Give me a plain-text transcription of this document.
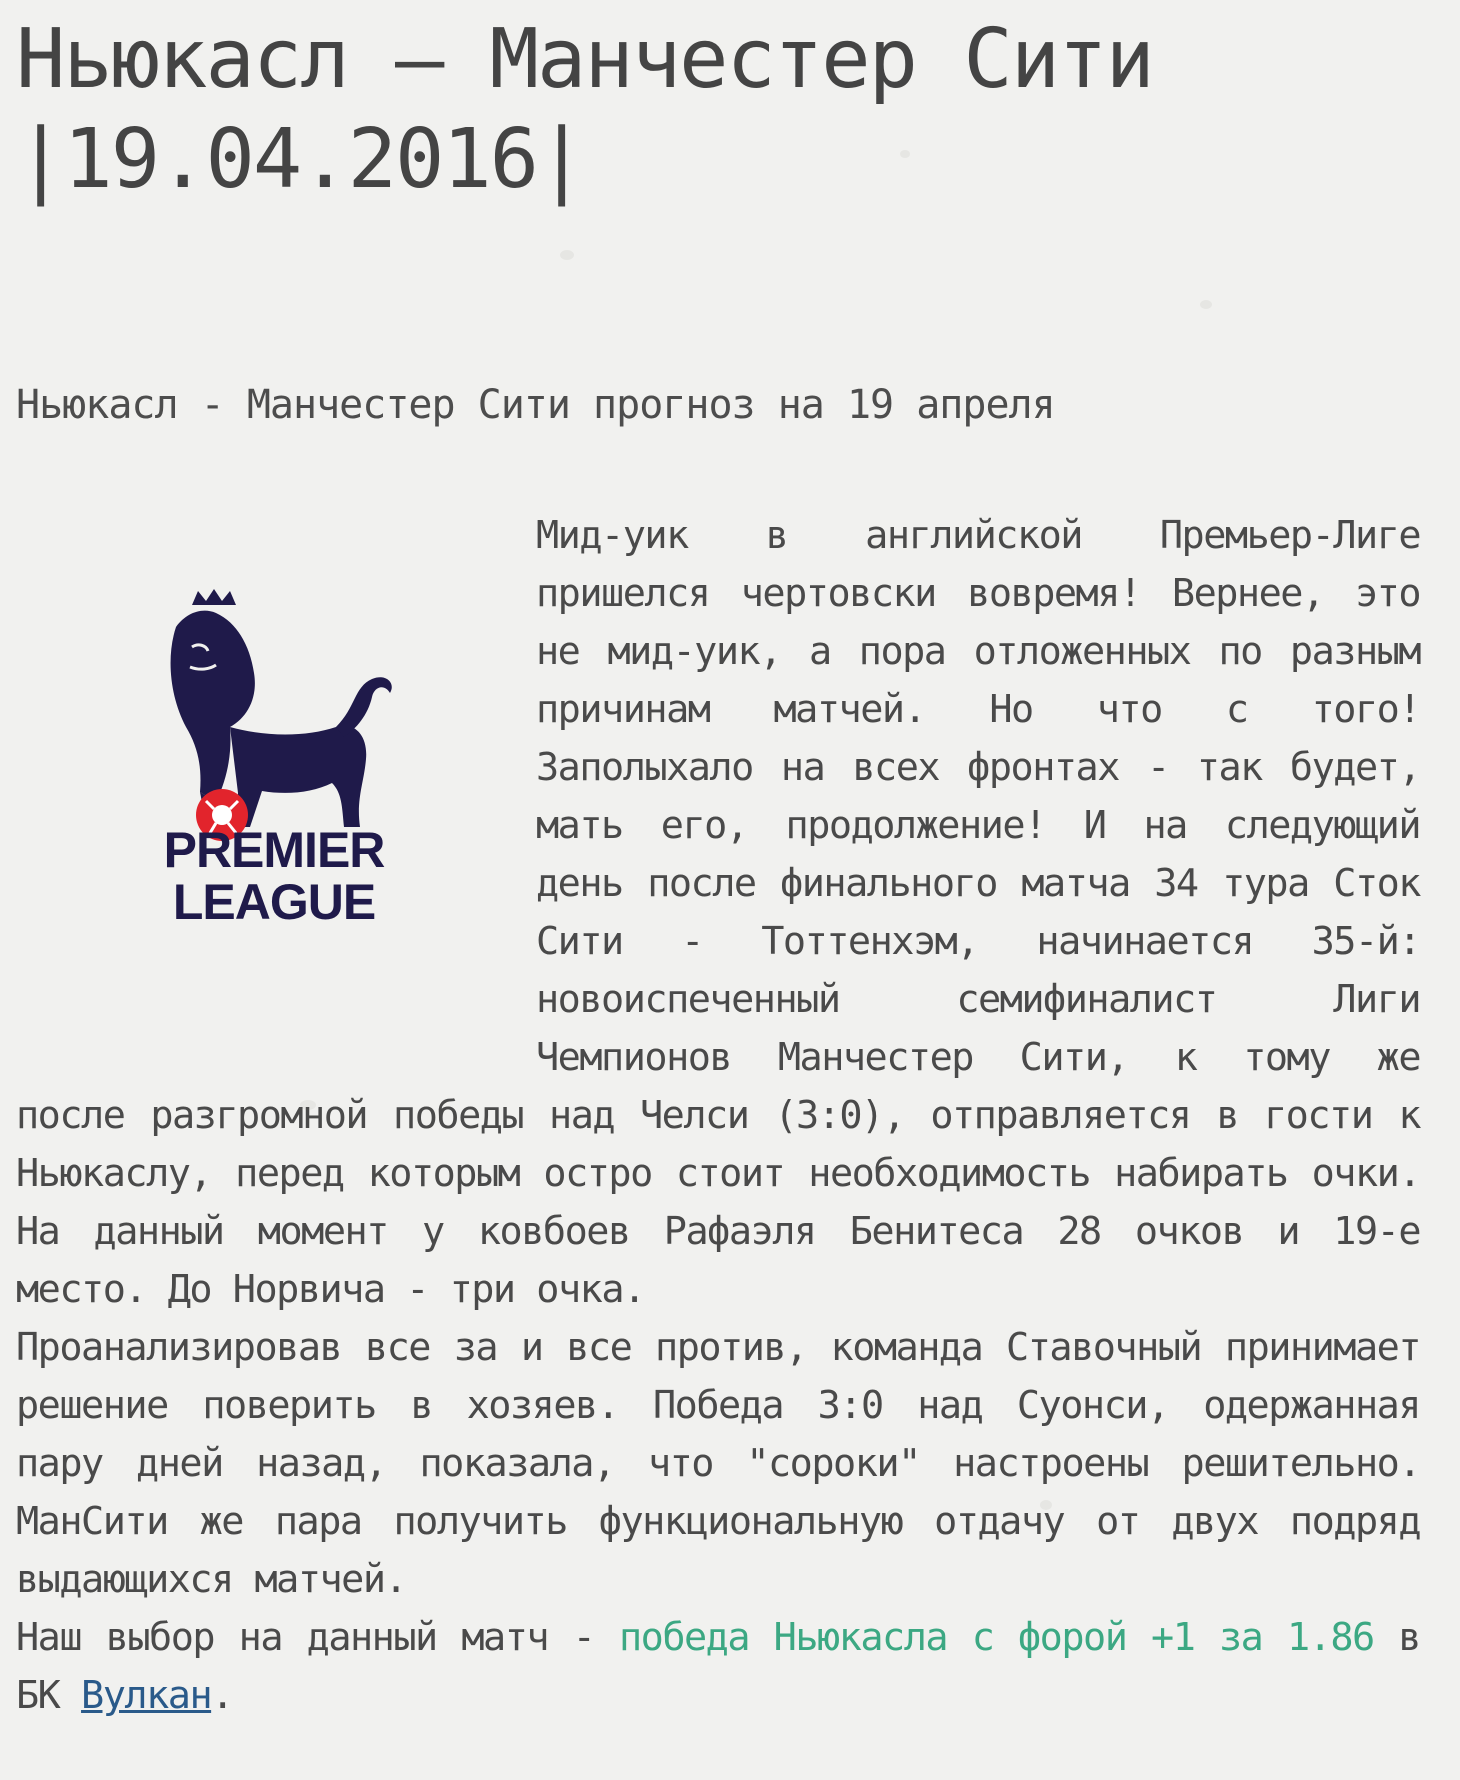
Ньюкасл – Манчестер Сити |19.04.2016|
Ньюкасл - Манчестер Сити прогноз на 19 апреля
PREMIER
LEAGUE

Мид-уик в английской Премьер-Лиге пришелся чертовски вовремя! Вернее, это не мид-уик, а пора отложенных по разным причинам матчей. Но что с того! Заполыхало на всех фронтах - так будет, мать его, продолжение! И на следующий день после финального матча 34 тура Сток Сити - Тоттенхэм, начинается 35-й: новоиспеченный семифиналист Лиги Чемпионов Манчестер Сити, к тому же после разгромной победы над Челси (3:0), отправляется в гости к Ньюкаслу, перед которым остро стоит необходимость набирать очки. На данный момент у ковбоев Рафаэля Бенитеса 28 очков и 19-е место. До Норвича - три очка.

Проанализировав все за и все против, команда Ставочный принимает решение поверить в хозяев. Победа 3:0 над Суонси, одержанная пару дней назад, показала, что "сороки" настроены решительно. МанСити же пара получить функциональную отдачу от двух подряд выдающихся матчей.

Наш выбор на данный матч - победа Ньюкасла с форой +1 за 1.86 в БК Вулкан.
